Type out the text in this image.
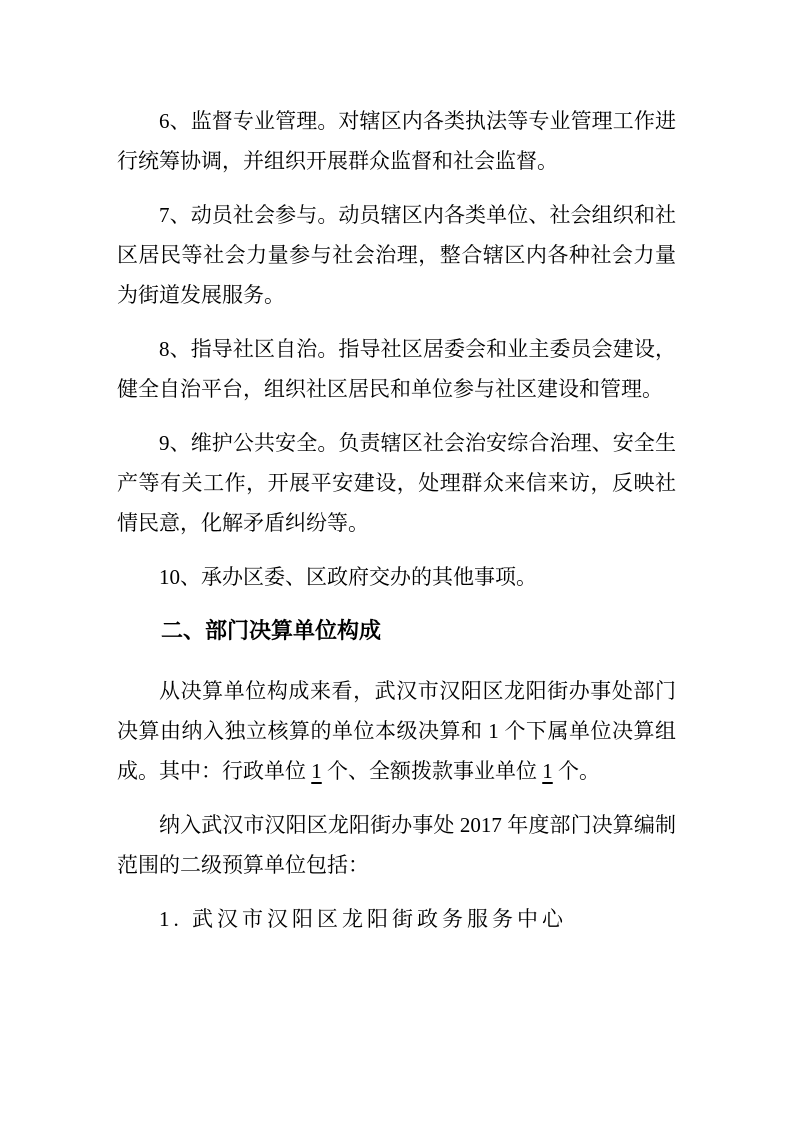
6、监督专业管理。对辖区内各类执法等专业管理工作进行统筹协调，并组织开展群众监督和社会监督。

7、动员社会参与。动员辖区内各类单位、社会组织和社区居民等社会力量参与社会治理，整合辖区内各种社会力量为街道发展服务。

8、指导社区自治。指导社区居委会和业主委员会建设，健全自治平台，组织社区居民和单位参与社区建设和管理。

9、维护公共安全。负责辖区社会治安综合治理、安全生产等有关工作，开展平安建设，处理群众来信来访，反映社情民意，化解矛盾纠纷等。

10、承办区委、区政府交办的其他事项。

二、部门决算单位构成

从决算单位构成来看，武汉市汉阳区龙阳街办事处部门决算由纳入独立核算的单位本级决算和 1 个下属单位决算组成。其中：行政单位 1 个、全额拨款事业单位 1 个。

纳入武汉市汉阳区龙阳街办事处 2017 年度部门决算编制范围的二级预算单位包括：

1. 武汉市汉阳区龙阳街政务服务中心
